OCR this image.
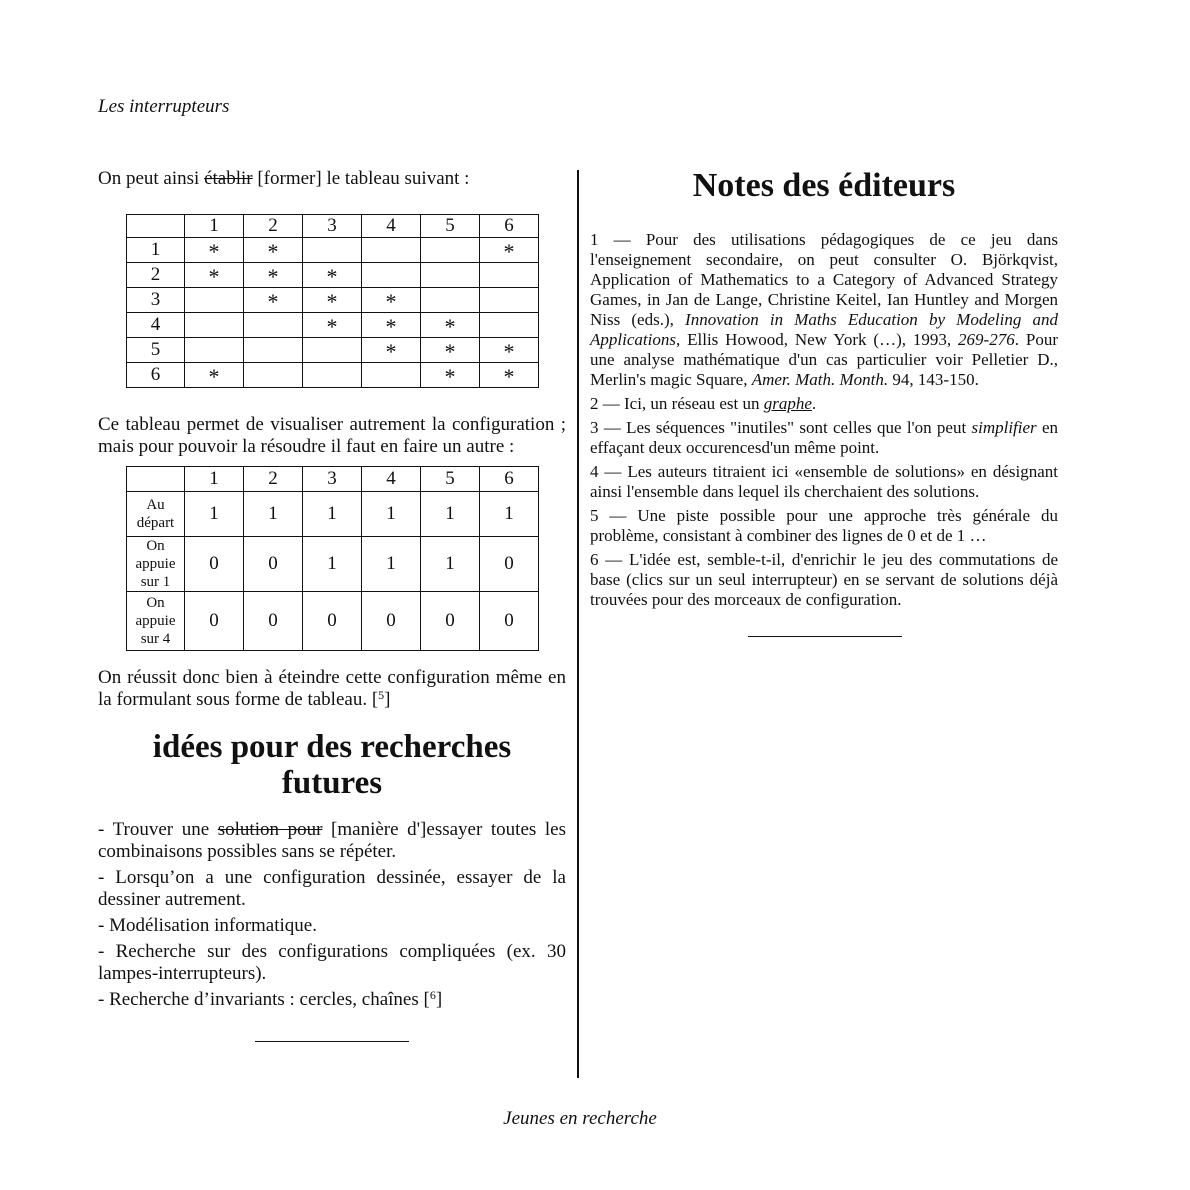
Les interrupteurs

On peut ainsi établir [former] le tableau suivant :

	1	2	3	4	5	6
1	*	*				*
2	*	*	*			
3		*	*	*		
4			*	*	*	
5				*	*	*
6	*				*	*

Ce tableau permet de visualiser autrement la configuration ; mais pour pouvoir la résoudre il faut en faire un autre :

	1	2	3	4	5	6

Au
départ	1	1	1	1	1	1

On
appuie
sur 1	0	0	1	1	1	0

On
appuie
sur 4	0	0	0	0	0	0

On réussit donc bien à éteindre cette configuration même en la formulant sous forme de tableau. [$^5$]

idées pour des recherches futures

- Trouver une solution pour [manière d']essayer toutes les combinaisons possibles sans se répéter.

- Lorsqu’on a une configuration dessinée, essayer de la dessiner autrement.

- Modélisation informatique.

- Recherche sur des configurations compliquées (ex. 30 lampes-interrupteurs).

- Recherche d’invariants : cercles, chaînes [$^6$]

Notes des éditeurs

1 — Pour des utilisations pédagogiques de ce jeu dans l'enseignement secondaire, on peut consulter O. Björkqvist, Application of Mathematics to a Category of Advanced Strategy Games, in Jan de Lange, Christine Keitel, Ian Huntley and Morgen Niss (eds.), Innovation in Maths Education by Modeling and Applications, Ellis Howood, New York (…), 1993, 269-276. Pour une analyse mathématique d'un cas particulier voir Pelletier D., Merlin's magic Square, Amer. Math. Month. 94, 143-150.

2 — Ici, un réseau est un graphe.

3 — Les séquences "inutiles" sont celles que l'on peut simplifier en effaçant deux occurencesd'un même point.

4 — Les auteurs titraient ici «ensemble de solutions» en désignant ainsi l'ensemble dans lequel ils cherchaient des solutions.

5 — Une piste possible pour une approche très générale du problème, consistant à combiner des lignes de 0 et de 1 …

6 — L'idée est, semble-t-il, d'enrichir le jeu des commutations de base (clics sur un seul interrupteur) en se servant de solutions déjà trouvées pour des morceaux de configuration.

Jeunes en recherche
